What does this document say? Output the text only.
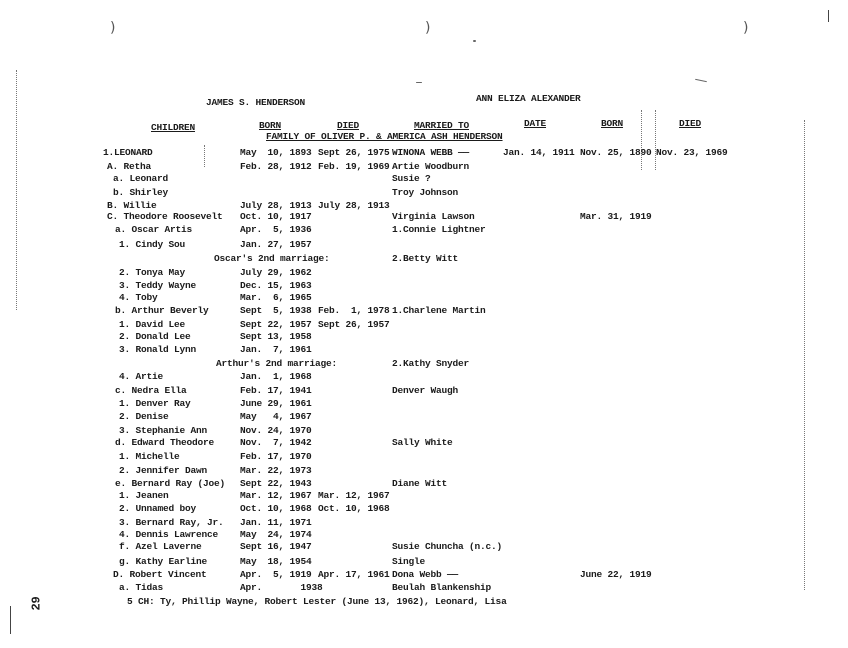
)	)	)
JAMES S. HENDERSON	ANN ELIZA ALEXANDER
CHILDREN	BORN	DIED	MARRIED TO	DATE	BORN	DIED
FAMILY OF OLIVER P. & AMERICA ASH HENDERSON
1.LEONARD	May  10, 1893 Sept 26, 1975 WINONA WEBB ——	Jan. 14, 1911 Nov. 25, 1890 Nov. 23, 1969
A. Retha	Feb. 28, 1912 Feb. 19, 1969 Artie Woodburn
a. Leonard	Susie ?
b. Shirley	Troy Johnson
B. Willie	July 28, 1913 July 28, 1913
C. Theodore Roosevelt Oct. 10, 1917	Virginia Lawson	Mar. 31, 1919
a. Oscar Artis	Apr.  5, 1936	1.Connie Lightner
1. Cindy Sou	Jan. 27, 1957
Oscar's 2nd marriage:	2.Betty Witt
2. Tonya May	July 29, 1962
3. Teddy Wayne	Dec. 15, 1963
4. Toby	Mar.  6, 1965
b. Arthur Beverly	Sept  5, 1938 Feb.  1, 1978 1.Charlene Martin
1. David Lee	Sept 22, 1957 Sept 26, 1957
2. Donald Lee	Sept 13, 1958
3. Ronald Lynn	Jan.  7, 1961
Arthur's 2nd marriage:	2.Kathy Snyder
4. Artie	Jan.  1, 1968
c. Nedra Ella	Feb. 17, 1941	Denver Waugh
1. Denver Ray	June 29, 1961
2. Denise	May   4, 1967
3. Stephanie Ann	Nov. 24, 1970
d. Edward Theodore	Nov.  7, 1942	Sally White
1. Michelle	Feb. 17, 1970
2. Jennifer Dawn	Mar. 22, 1973
e. Bernard Ray (Joe) Sept 22, 1943	Diane Witt
1. Jeanen	Mar. 12, 1967 Mar. 12, 1967
2. Unnamed boy	Oct. 10, 1968 Oct. 10, 1968
3. Bernard Ray, Jr. Jan. 11, 1971
4. Dennis Lawrence May  24, 1974
f. Azel Laverne	Sept 16, 1947	Susie Chuncha (n.c.)
g. Kathy Earline	May  18, 1954	Single
D. Robert Vincent	Apr.  5, 1919 Apr. 17, 1961 Dona Webb ——	June 22, 1919
a. Tidas	Apr.       1938	Beulah Blankenship
5 CH: Ty, Phillip Wayne, Robert Lester (June 13, 1962), Leonard, Lisa
29
